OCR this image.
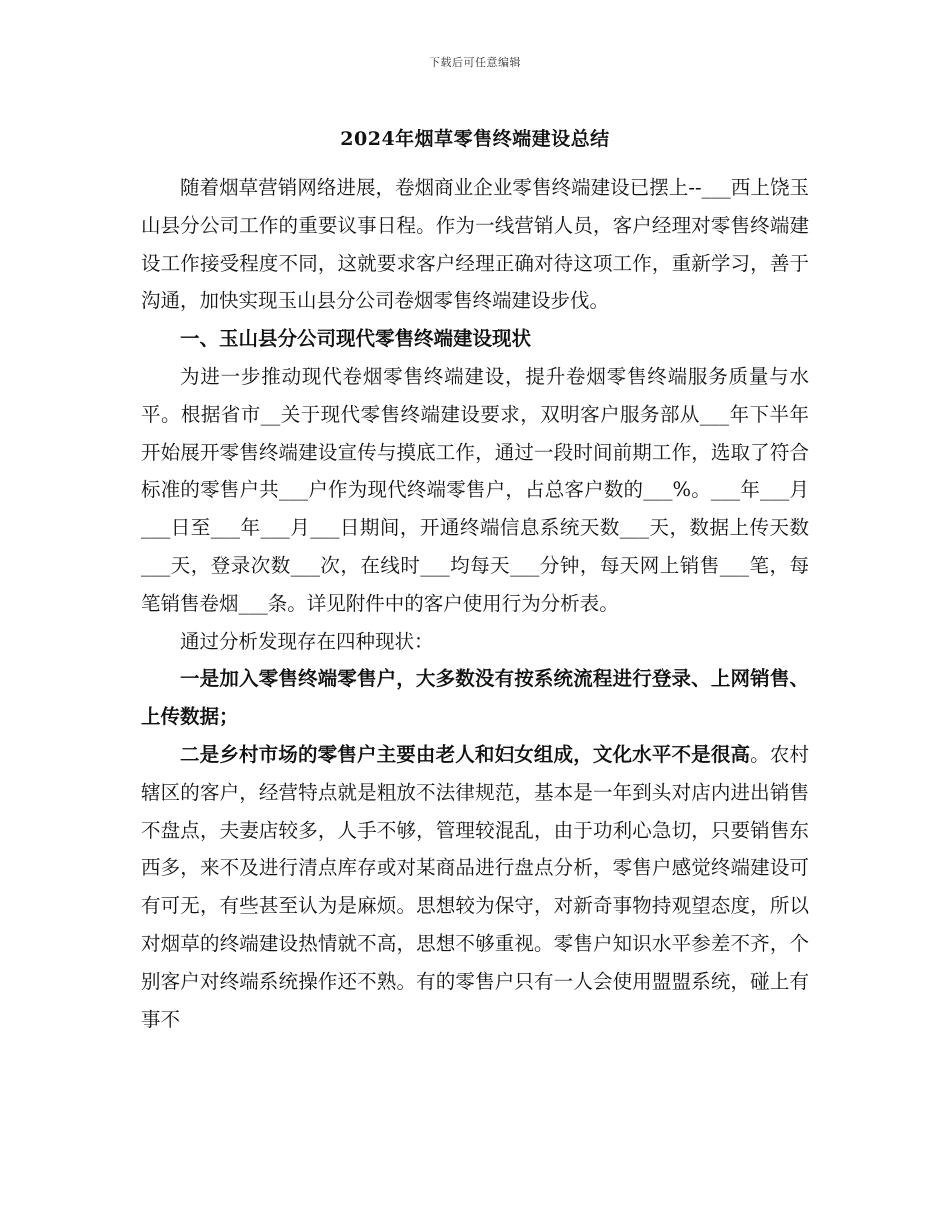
下载后可任意编辑
2024年烟草零售终端建设总结

随着烟草营销网络进展，卷烟商业企业零售终端建设已摆上--___西上饶玉山县分公司工作的重要议事日程。作为一线营销人员，客户经理对零售终端建设工作接受程度不同，这就要求客户经理正确对待这项工作，重新学习，善于沟通，加快实现玉山县分公司卷烟零售终端建设步伐。

一、玉山县分公司现代零售终端建设现状

为进一步推动现代卷烟零售终端建设，提升卷烟零售终端服务质量与水平。根据省市__关于现代零售终端建设要求，双明客户服务部从___年下半年开始展开零售终端建设宣传与摸底工作，通过一段时间前期工作，选取了符合标准的零售户共___户作为现代终端零售户，占总客户数的___%。___年___月___日至___年___月___日期间，开通终端信息系统天数___天，数据上传天数___天，登录次数___次，在线时___均每天___分钟，每天网上销售___笔，每笔销售卷烟___条。详见附件中的客户使用行为分析表。

通过分析发现存在四种现状：

一是加入零售终端零售户，大多数没有按系统流程进行登录、上网销售、上传数据；

二是乡村市场的零售户主要由老人和妇女组成，文化水平不是很高。农村辖区的客户，经营特点就是粗放不法律规范，基本是一年到头对店内进出销售不盘点，夫妻店较多，人手不够，管理较混乱，由于功利心急切，只要销售东西多，来不及进行清点库存或对某商品进行盘点分析，零售户感觉终端建设可有可无，有些甚至认为是麻烦。思想较为保守，对新奇事物持观望态度，所以对烟草的终端建设热情就不高，思想不够重视。零售户知识水平参差不齐，个别客户对终端系统操作还不熟。有的零售户只有一人会使用盟盟系统，碰上有事不
